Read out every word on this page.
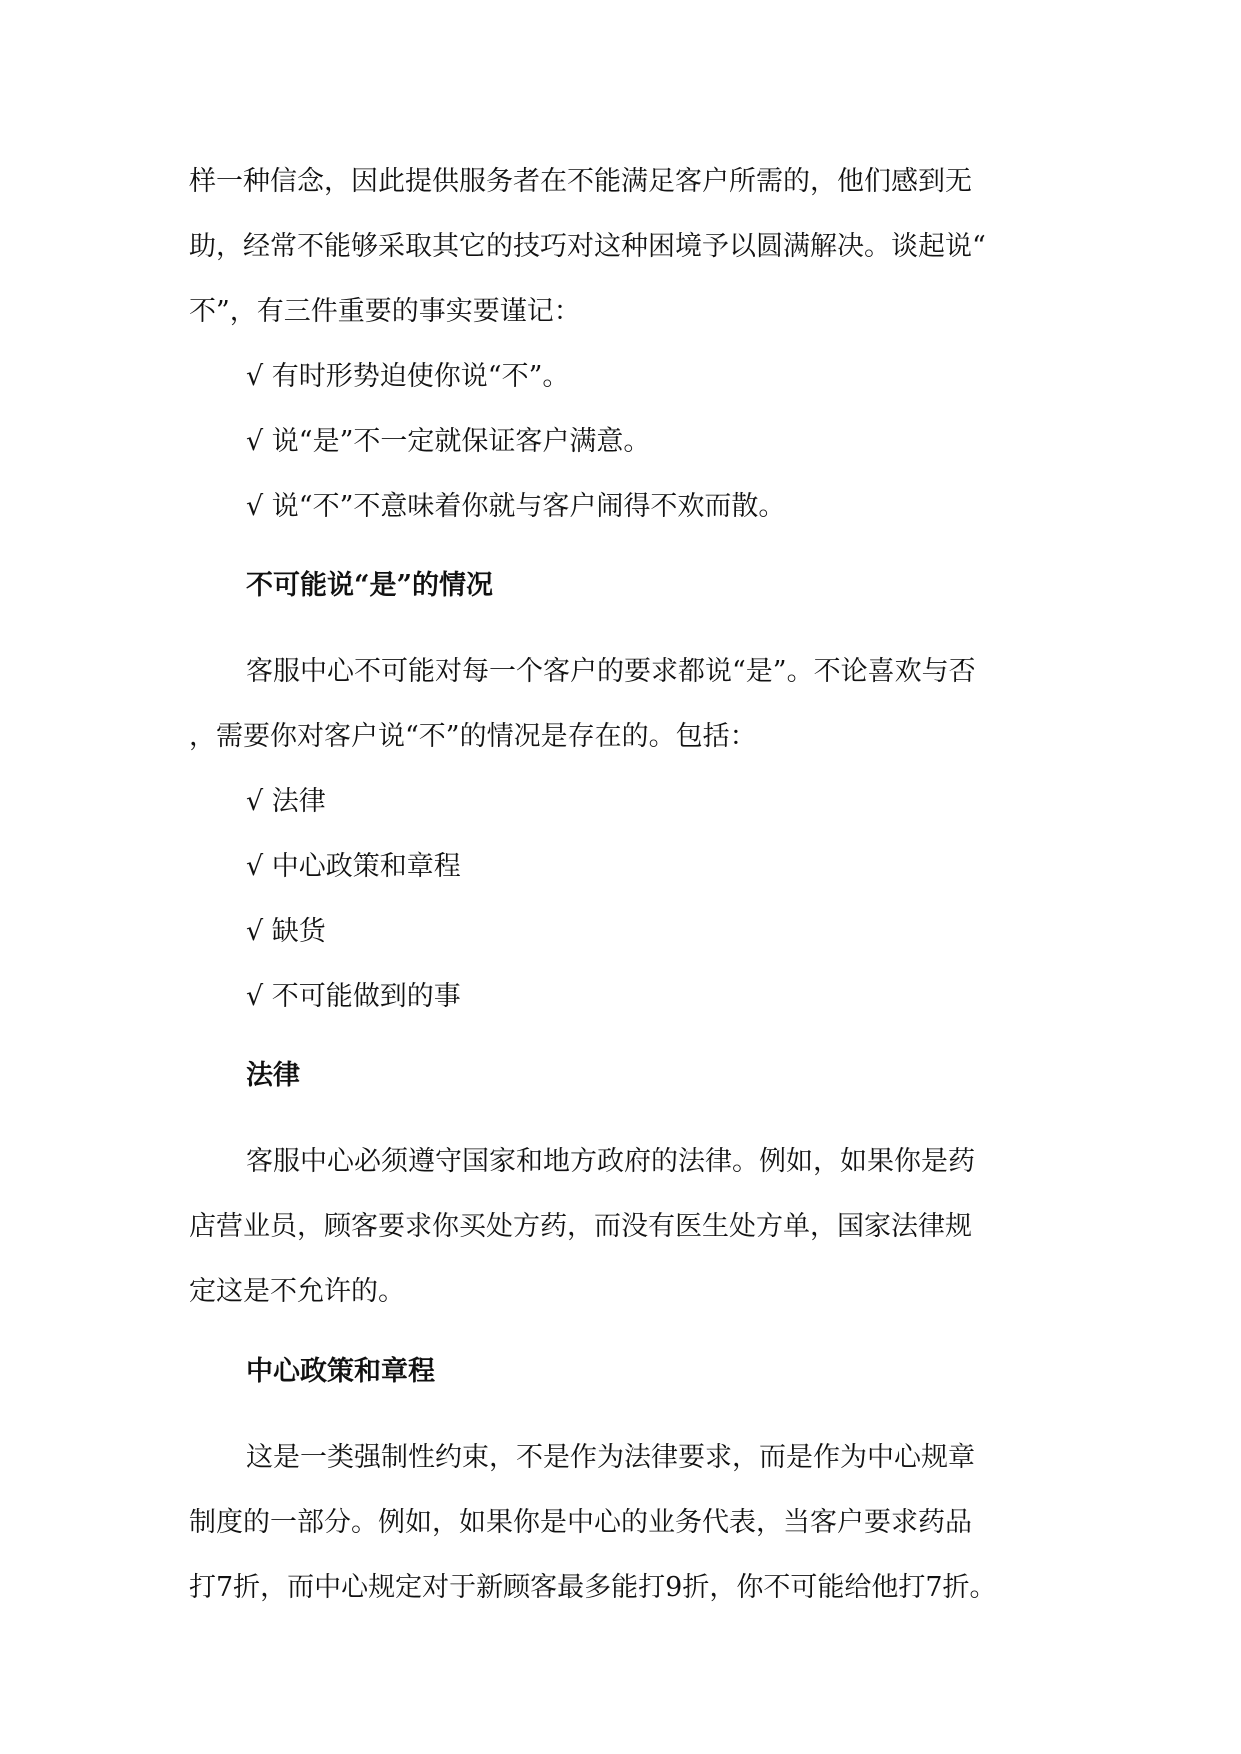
样一种信念，因此提供服务者在不能满足客户所需的，他们感到无
助，经常不能够采取其它的技巧对这种困境予以圆满解决。谈起说“
不”，有三件重要的事实要谨记：
√ 有时形势迫使你说“不”。
√ 说“是”不一定就保证客户满意。
√ 说“不”不意味着你就与客户闹得不欢而散。
不可能说“是”的情况
客服中心不可能对每一个客户的要求都说“是”。不论喜欢与否
，需要你对客户说“不”的情况是存在的。包括：
√ 法律
√ 中心政策和章程
√ 缺货
√ 不可能做到的事
法律
客服中心必须遵守国家和地方政府的法律。例如，如果你是药
店营业员，顾客要求你买处方药，而没有医生处方单，国家法律规
定这是不允许的。
中心政策和章程
这是一类强制性约束，不是作为法律要求，而是作为中心规章
制度的一部分。例如，如果你是中心的业务代表，当客户要求药品
打7折，而中心规定对于新顾客最多能打9折，你不可能给他打7折。
